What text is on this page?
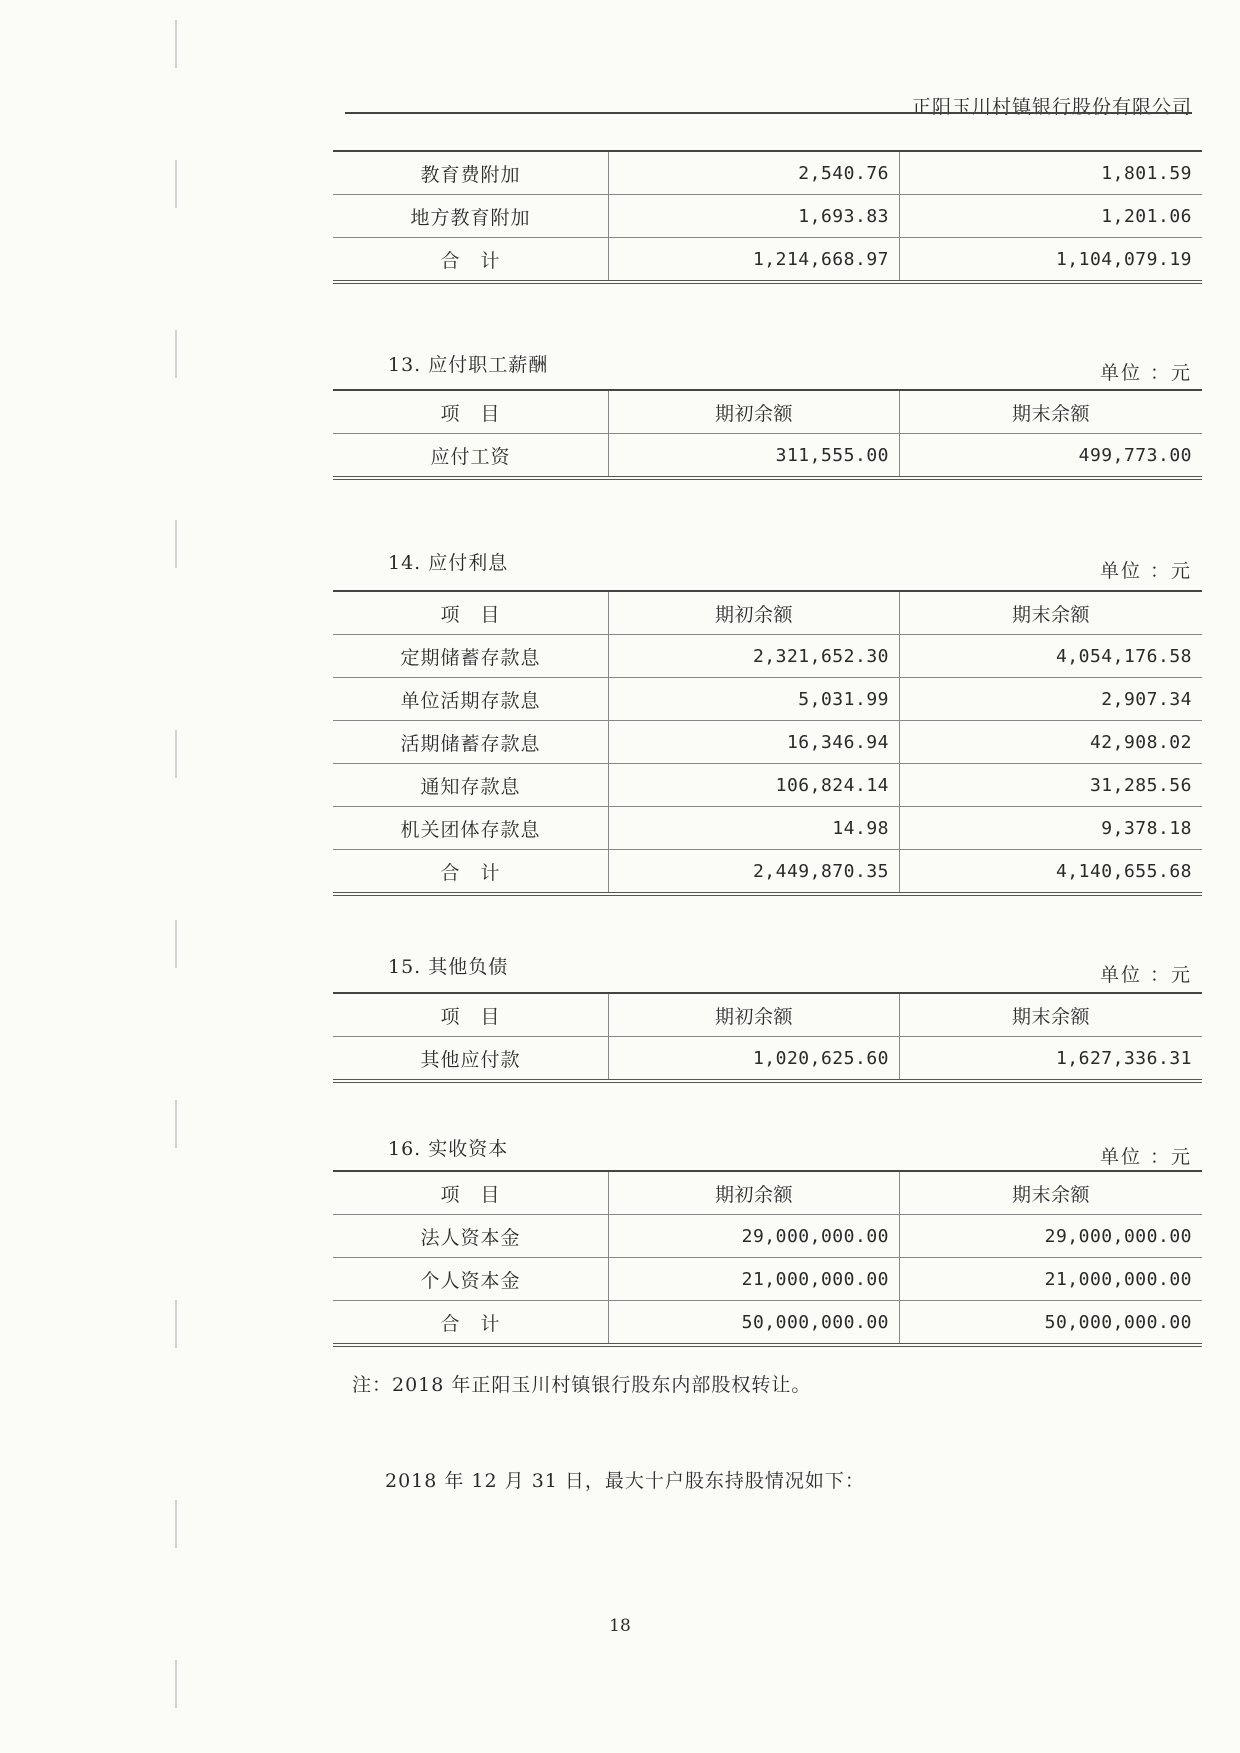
正阳玉川村镇银行股份有限公司
教育费附加	2,540.76	1,801.59
地方教育附加	1,693.83	1,201.06
合　计	1,214,668.97	1,104,079.19
13. 应付职工薪酬	单位 ：元
项　目	期初余额	期末余额
应付工资	311,555.00	499,773.00
14. 应付利息	单位 ：元
项　目	期初余额	期末余额
定期储蓄存款息	2,321,652.30	4,054,176.58
单位活期存款息	5,031.99	2,907.34
活期储蓄存款息	16,346.94	42,908.02
通知存款息	106,824.14	31,285.56
机关团体存款息	14.98	9,378.18
合　计	2,449,870.35	4,140,655.68
15. 其他负债	单位 ：元
项　目	期初余额	期末余额
其他应付款	1,020,625.60	1,627,336.31
16. 实收资本	单位 ：元
项　目	期初余额	期末余额
法人资本金	29,000,000.00	29,000,000.00
个人资本金	21,000,000.00	21,000,000.00
合　计	50,000,000.00	50,000,000.00
注：2018 年正阳玉川村镇银行股东内部股权转让。
2018 年 12 月 31 日，最大十户股东持股情况如下：
18
